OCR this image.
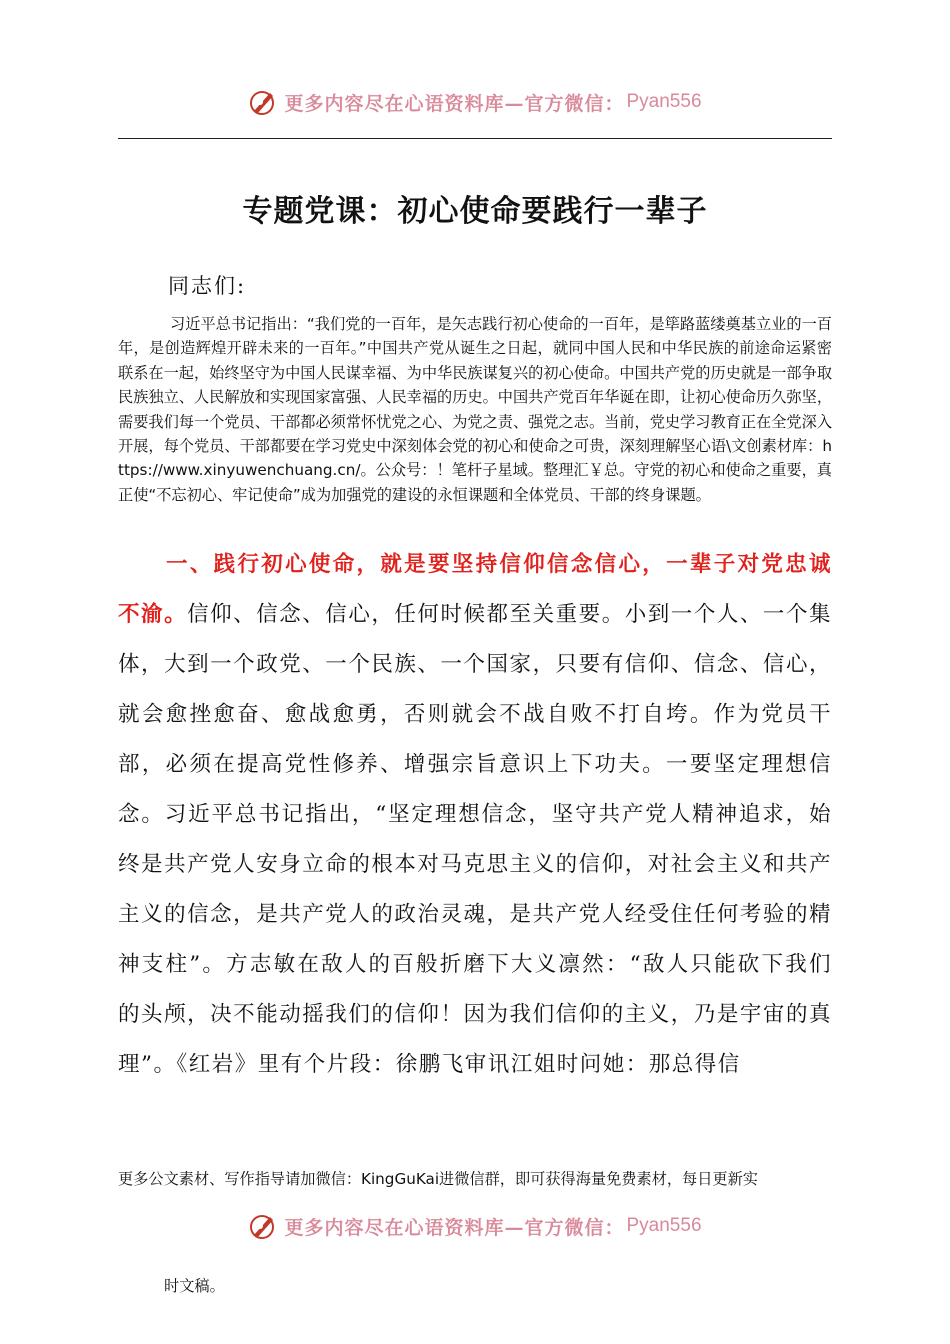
更多内容尽在心语资料库—官方微信： Pyan556
专题党课：初心使命要践行一辈子
同志们:
习近平总书记指出：“我们党的一百年，是矢志践行初心使命的一百年，是筚路蓝缕奠基立业的一百年，是创造辉煌开辟未来的一百年。”中国共产党从诞生之日起，就同中国人民和中华民族的前途命运紧密联系在一起，始终坚守为中国人民谋幸福、为中华民族谋复兴的初心使命。中国共产党的历史就是一部争取民族独立、人民解放和实现国家富强、人民幸福的历史。中国共产党百年华诞在即，让初心使命历久弥坚，需要我们每一个党员、干部都必须常怀忧党之心、为党之责、强党之志。当前，党史学习教育正在全党深入开展，每个党员、干部都要在学习党史中深刻体会党的初心和使命之可贵，深刻理解坚心语\文创素材库：https://www.xinyuwenchuang.cn/。公众号：！笔杆子星域。整理汇￥总。守党的初心和使命之重要，真正使“不忘初心、牢记使命”成为加强党的建设的永恒课题和全体党员、干部的终身课题。
一、践行初心使命，就是要坚持信仰信念信心，一辈子对党忠诚不渝。信仰、信念、信心，任何时候都至关重要。小到一个人、一个集体，大到一个政党、一个民族、一个国家，只要有信仰、信念、信心，就会愈挫愈奋、愈战愈勇，否则就会不战自败不打自垮。作为党员干部，必须在提高党性修养、增强宗旨意识上下功夫。一要坚定理想信念。习近平总书记指出，“坚定理想信念，坚守共产党人精神追求，始终是共产党人安身立命的根本对马克思主义的信仰，对社会主义和共产主义的信念，是共产党人的政治灵魂，是共产党人经受住任何考验的精神支柱”。方志敏在敌人的百般折磨下大义凛然：“敌人只能砍下我们的头颅，决不能动摇我们的信仰！因为我们信仰的主义，乃是宇宙的真理”。《红岩》里有个片段：徐鹏飞审讯江姐时问她：那总得信
更多公文素材、写作指导请加微信：KingGuKai进微信群，即可获得海量免费素材，每日更新实
更多内容尽在心语资料库—官方微信： Pyan556
时文稿。
